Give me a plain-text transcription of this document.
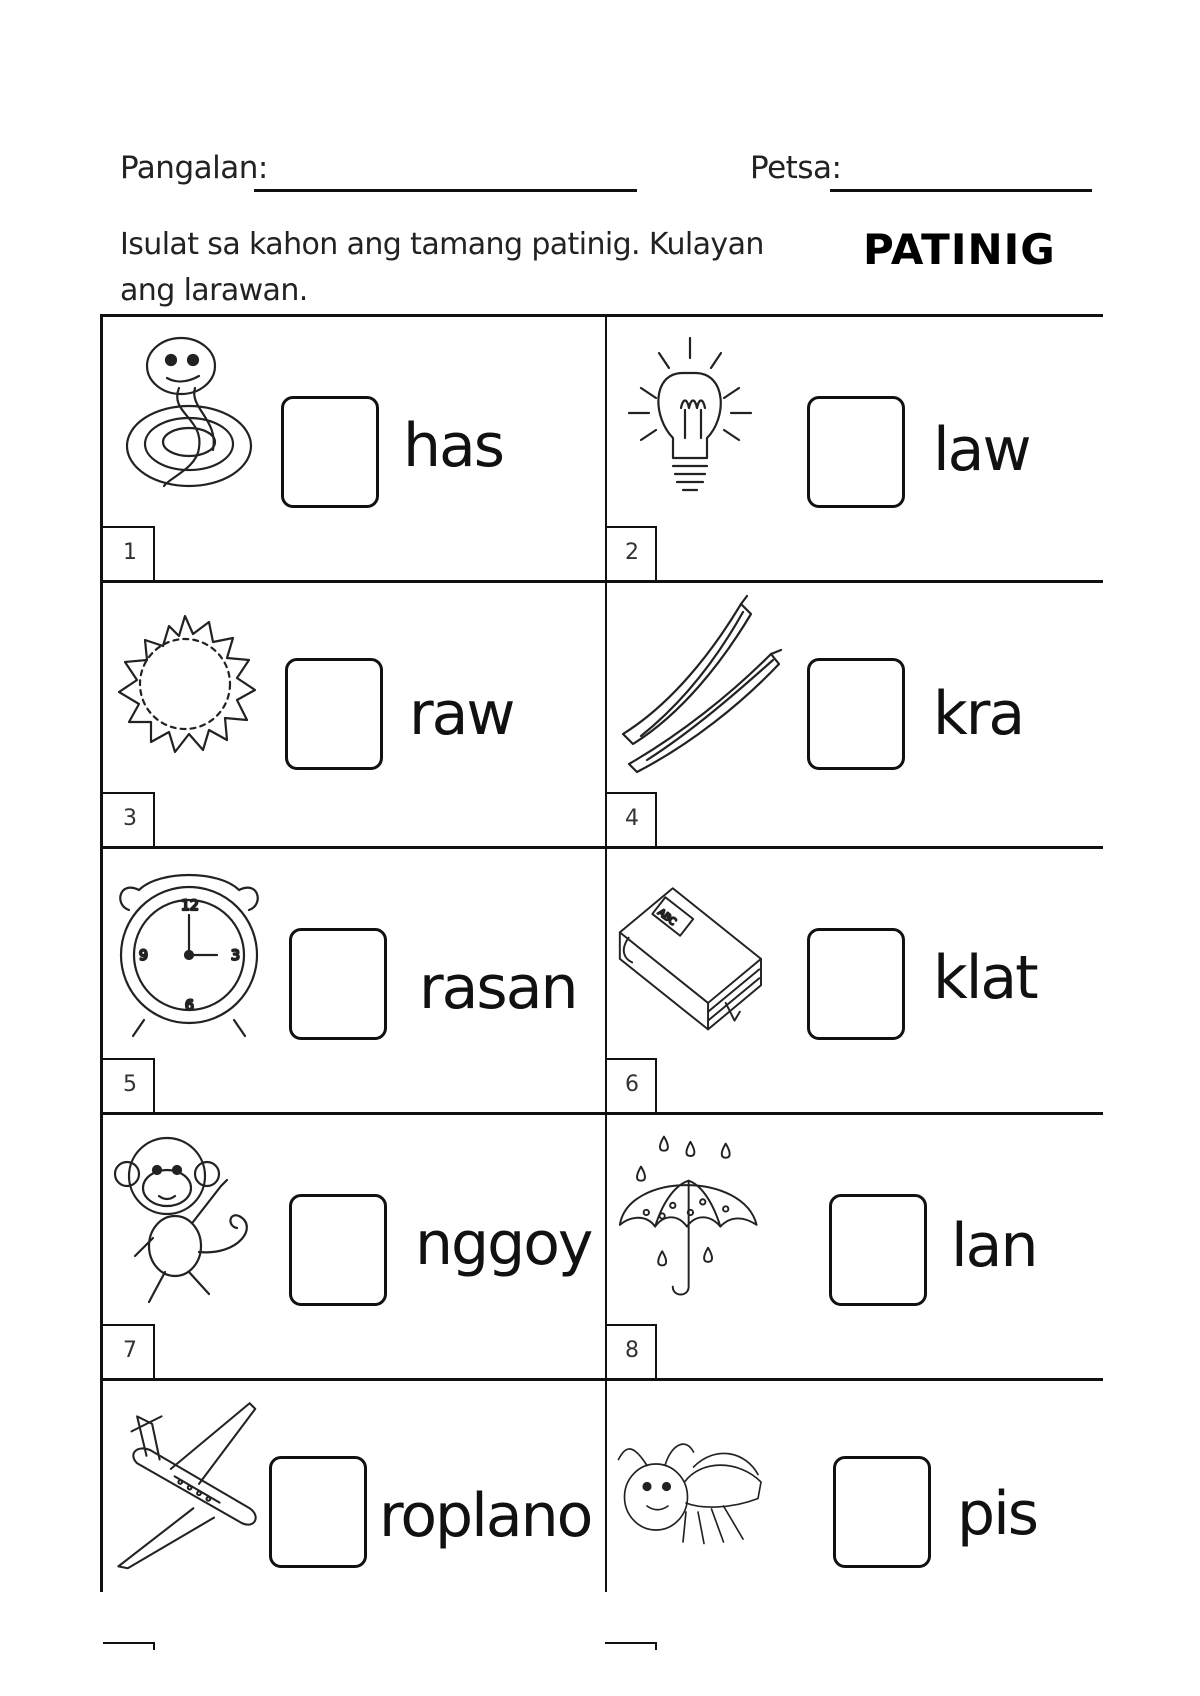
Pangalan:	Petsa:
Isulat sa kahon ang tamang patinig. Kulayan ang larawan.
PATINIG
has
1
law
2
raw
3
kra
4
12
3
6
9	rasan
5
ABC
klat
6
nggoy
7
lan
8
roplano	pis
